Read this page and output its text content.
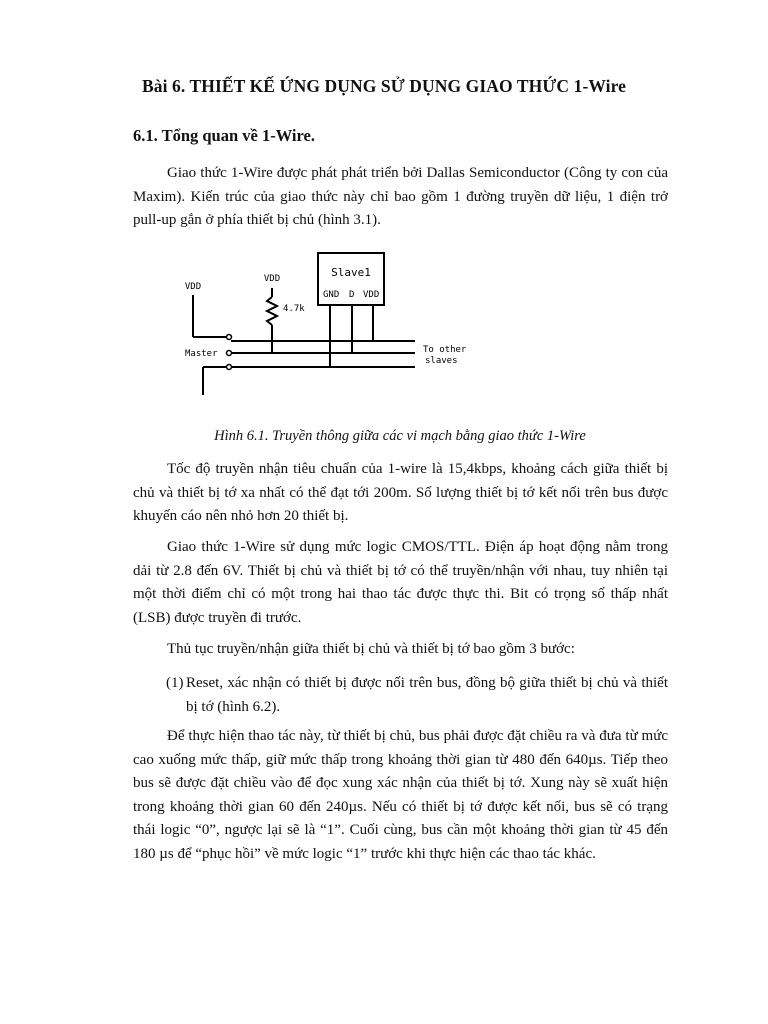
Bài 6. THIẾT KẾ ỨNG DỤNG SỬ DỤNG GIAO THỨC 1-Wire
6.1. Tổng quan về 1-Wire.

Giao thức 1-Wire được phát phát triển bởi Dallas Semiconductor (Công ty con của Maxim). Kiến trúc của giao thức này chỉ bao gồm 1 đường truyền dữ liệu, 1 điện trở pull-up gắn ở phía thiết bị chủ (hình 3.1).

VDD
VDD
4.7k
Slave1
GND D VDD
Master	To other
slaves
Hình 6.1. Truyền thông giữa các vi mạch bằng giao thức 1-Wire

Tốc độ truyền nhận tiêu chuẩn của 1-wire là 15,4kbps, khoảng cách giữa thiết bị chủ và thiết bị tớ xa nhất có thể đạt tới 200m. Số lượng thiết bị tớ kết nối trên bus được khuyến cáo nên nhỏ hơn 20 thiết bị.

Giao thức 1-Wire sử dụng mức logic CMOS/TTL. Điện áp hoạt động nằm trong dải từ 2.8 đến 6V. Thiết bị chủ và thiết bị tớ có thể truyền/nhận với nhau, tuy nhiên tại một thời điểm chỉ có một trong hai thao tác được thực thi. Bit có trọng số thấp nhất (LSB) được truyền đi trước.

Thủ tục truyền/nhận giữa thiết bị chủ và thiết bị tớ bao gồm 3 bước:

(1) Reset, xác nhận có thiết bị được nối trên bus, đồng bộ giữa thiết bị chủ và thiết bị tớ (hình 6.2).

Để thực hiện thao tác này, từ thiết bị chủ, bus phải được đặt chiều ra và đưa từ mức cao xuống mức thấp, giữ mức thấp trong khoảng thời gian từ 480 đến 640µs. Tiếp theo bus sẽ được đặt chiều vào để đọc xung xác nhận của thiết bị tớ. Xung này sẽ xuất hiện trong khoảng thời gian 60 đến 240µs. Nếu có thiết bị tớ được kết nối, bus sẽ có trạng thái logic “0”, ngược lại sẽ là “1”. Cuối cùng, bus cần một khoảng thời gian từ 45 đến 180 µs để “phục hồi” về mức logic “1” trước khi thực hiện các thao tác khác.
